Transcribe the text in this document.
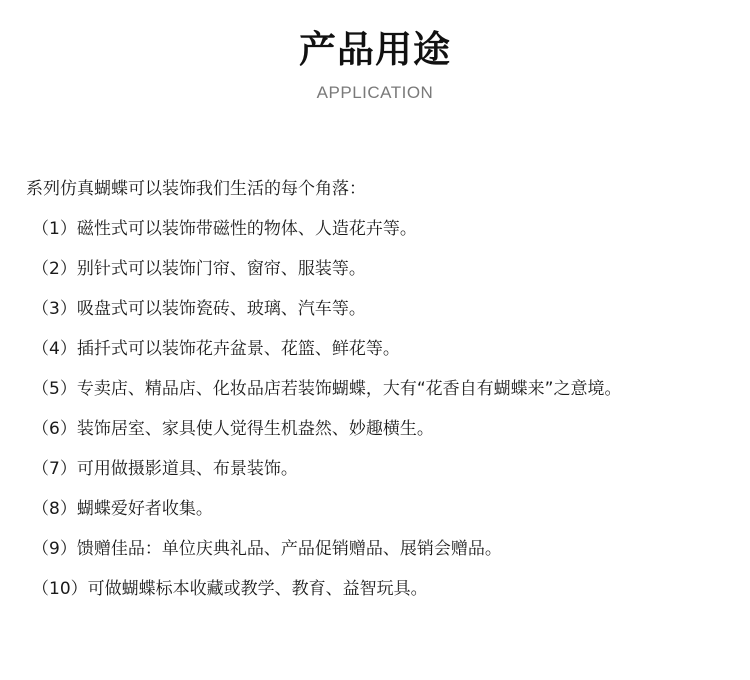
产品用途
APPLICATION
系列仿真蝴蝶可以装饰我们生活的每个角落：
（1）磁性式可以装饰带磁性的物体、人造花卉等。
（2）别针式可以装饰门帘、窗帘、服装等。
（3）吸盘式可以装饰瓷砖、玻璃、汽车等。
（4）插扦式可以装饰花卉盆景、花篮、鲜花等。
（5）专卖店、精品店、化妆品店若装饰蝴蝶，大有“花香自有蝴蝶来”之意境。
（6）装饰居室、家具使人觉得生机盎然、妙趣横生。
（7）可用做摄影道具、布景装饰。
（8）蝴蝶爱好者收集。
（9）馈赠佳品：单位庆典礼品、产品促销赠品、展销会赠品。
（10）可做蝴蝶标本收藏或教学、教育、益智玩具。
